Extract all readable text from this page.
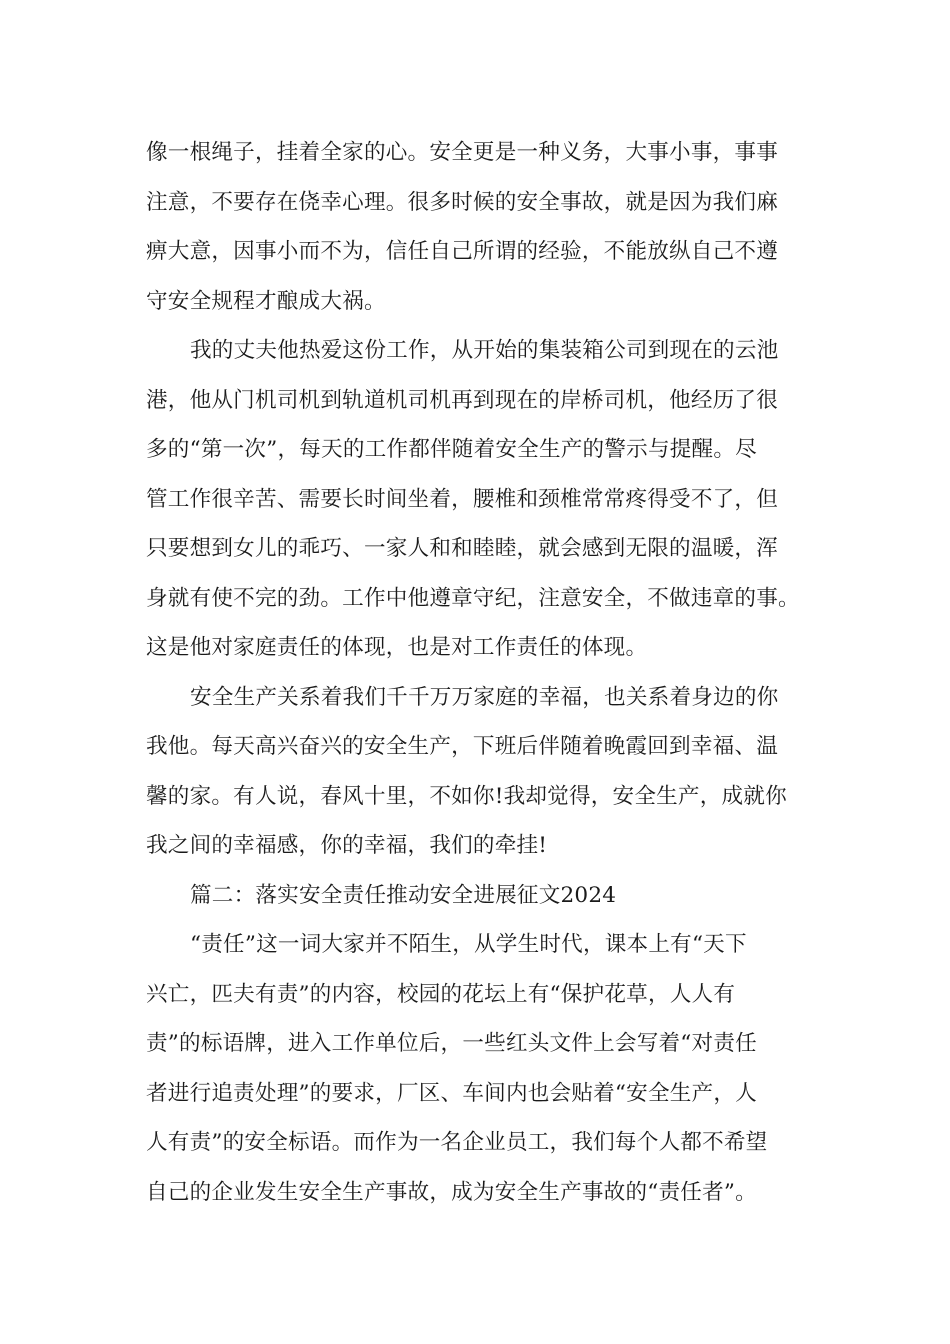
像一根绳子，挂着全家的心。安全更是一种义务，大事小事，事事
注意，不要存在侥幸心理。很多时候的安全事故，就是因为我们麻
痹大意，因事小而不为，信任自己所谓的经验，不能放纵自己不遵
守安全规程才酿成大祸。
我的丈夫他热爱这份工作，从开始的集装箱公司到现在的云池
港，他从门机司机到轨道机司机再到现在的岸桥司机，他经历了很
多的“第一次”，每天的工作都伴随着安全生产的警示与提醒。尽
管工作很辛苦、需要长时间坐着，腰椎和颈椎常常疼得受不了，但
只要想到女儿的乖巧、一家人和和睦睦，就会感到无限的温暖，浑
身就有使不完的劲。工作中他遵章守纪，注意安全，不做违章的事。
这是他对家庭责任的体现，也是对工作责任的体现。
安全生产关系着我们千千万万家庭的幸福，也关系着身边的你
我他。每天高兴奋兴的安全生产，下班后伴随着晚霞回到幸福、温
馨的家。有人说，春风十里，不如你!我却觉得，安全生产，成就你
我之间的幸福感，你的幸福，我们的牵挂!
篇二：落实安全责任推动安全进展征文2024
“责任”这一词大家并不陌生，从学生时代，课本上有“天下
兴亡，匹夫有责”的内容，校园的花坛上有“保护花草，人人有
责”的标语牌，进入工作单位后，一些红头文件上会写着“对责任
者进行追责处理”的要求，厂区、车间内也会贴着“安全生产，人
人有责”的安全标语。而作为一名企业员工，我们每个人都不希望
自己的企业发生安全生产事故，成为安全生产事故的“责任者”。
